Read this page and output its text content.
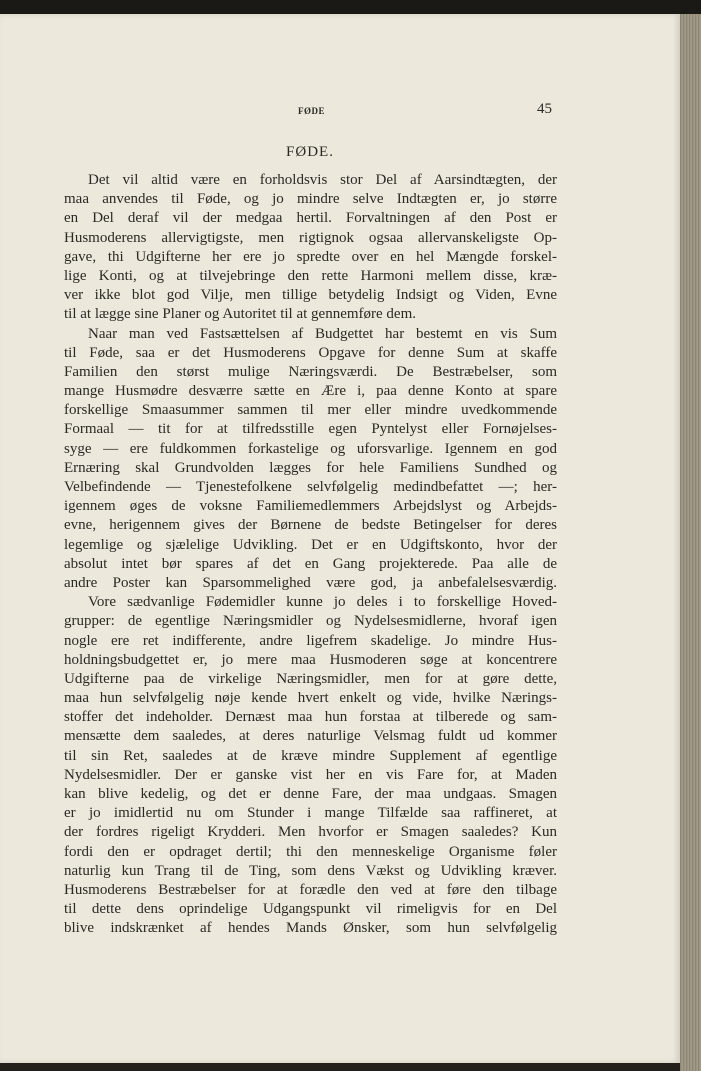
FØDE	45
FØDE.
Det vil altid være en forholdsvis stor Del af Aarsindtægten, der
maa anvendes til Føde, og jo mindre selve Indtægten er, jo større
en Del deraf vil der medgaa hertil. Forvaltningen af den Post er
Husmoderens allervigtigste, men rigtignok ogsaa allervanskeligste Op-
gave, thi Udgifterne her ere jo spredte over en hel Mængde forskel-
lige Konti, og at tilvejebringe den rette Harmoni mellem disse, kræ-
ver ikke blot god Vilje, men tillige betydelig Indsigt og Viden, Evne
til at lægge sine Planer og Autoritet til at gennemføre dem.
Naar man ved Fastsættelsen af Budgettet har bestemt en vis Sum
til Føde, saa er det Husmoderens Opgave for denne Sum at skaffe
Familien den størst mulige Næringsværdi. De Bestræbelser, som
mange Husmødre desværre sætte en Ære i, paa denne Konto at spare
forskellige Smaasummer sammen til mer eller mindre uvedkommende
Formaal — tit for at tilfredsstille egen Pyntelyst eller Fornøjelses-
syge — ere fuldkommen forkastelige og uforsvarlige. Igennem en god
Ernæring skal Grundvolden lægges for hele Familiens Sundhed og
Velbefindende — Tjenestefolkene selvfølgelig medindbefattet —; her-
igennem øges de voksne Familiemedlemmers Arbejdslyst og Arbejds-
evne, herigennem gives der Børnene de bedste Betingelser for deres
legemlige og sjælelige Udvikling. Det er en Udgiftskonto, hvor der
absolut intet bør spares af det en Gang projekterede. Paa alle de
andre Poster kan Sparsommelighed være god, ja anbefalelsesværdig.
Vore sædvanlige Fødemidler kunne jo deles i to forskellige Hoved-
grupper: de egentlige Næringsmidler og Nydelsesmidlerne, hvoraf igen
nogle ere ret indifferente, andre ligefrem skadelige. Jo mindre Hus-
holdningsbudgettet er, jo mere maa Husmoderen søge at koncentrere
Udgifterne paa de virkelige Næringsmidler, men for at gøre dette,
maa hun selvfølgelig nøje kende hvert enkelt og vide, hvilke Nærings-
stoffer det indeholder. Dernæst maa hun forstaa at tilberede og sam-
mensætte dem saaledes, at deres naturlige Velsmag fuldt ud kommer
til sin Ret, saaledes at de kræve mindre Supplement af egentlige
Nydelsesmidler. Der er ganske vist her en vis Fare for, at Maden
kan blive kedelig, og det er denne Fare, der maa undgaas. Smagen
er jo imidlertid nu om Stunder i mange Tilfælde saa raffineret, at
der fordres rigeligt Krydderi. Men hvorfor er Smagen saaledes? Kun
fordi den er opdraget dertil; thi den menneskelige Organisme føler
naturlig kun Trang til de Ting, som dens Vækst og Udvikling kræver.
Husmoderens Bestræbelser for at forædle den ved at føre den tilbage
til dette dens oprindelige Udgangspunkt vil rimeligvis for en Del
blive indskrænket af hendes Mands Ønsker, som hun selvfølgelig
